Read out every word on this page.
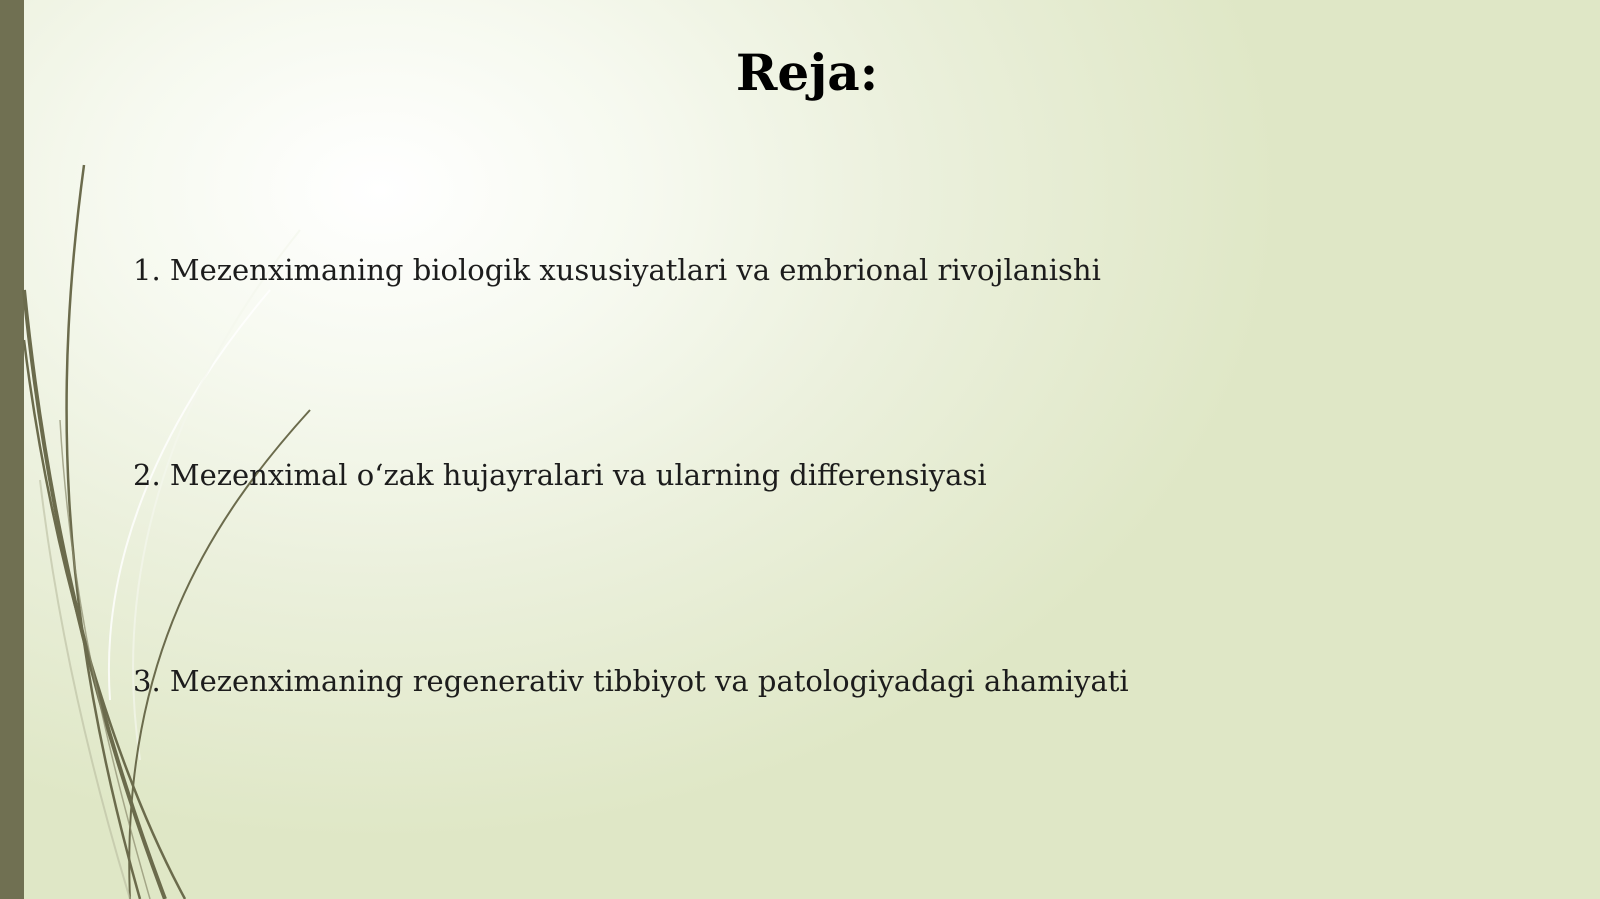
Reja:
1. Mezenximaning biologik xususiyatlari va embrional rivojlanishi
2. Mezenximal o‘zak hujayralari va ularning differensiyasi
3. Mezenximaning regenerativ tibbiyot va patologiyadagi ahamiyati
